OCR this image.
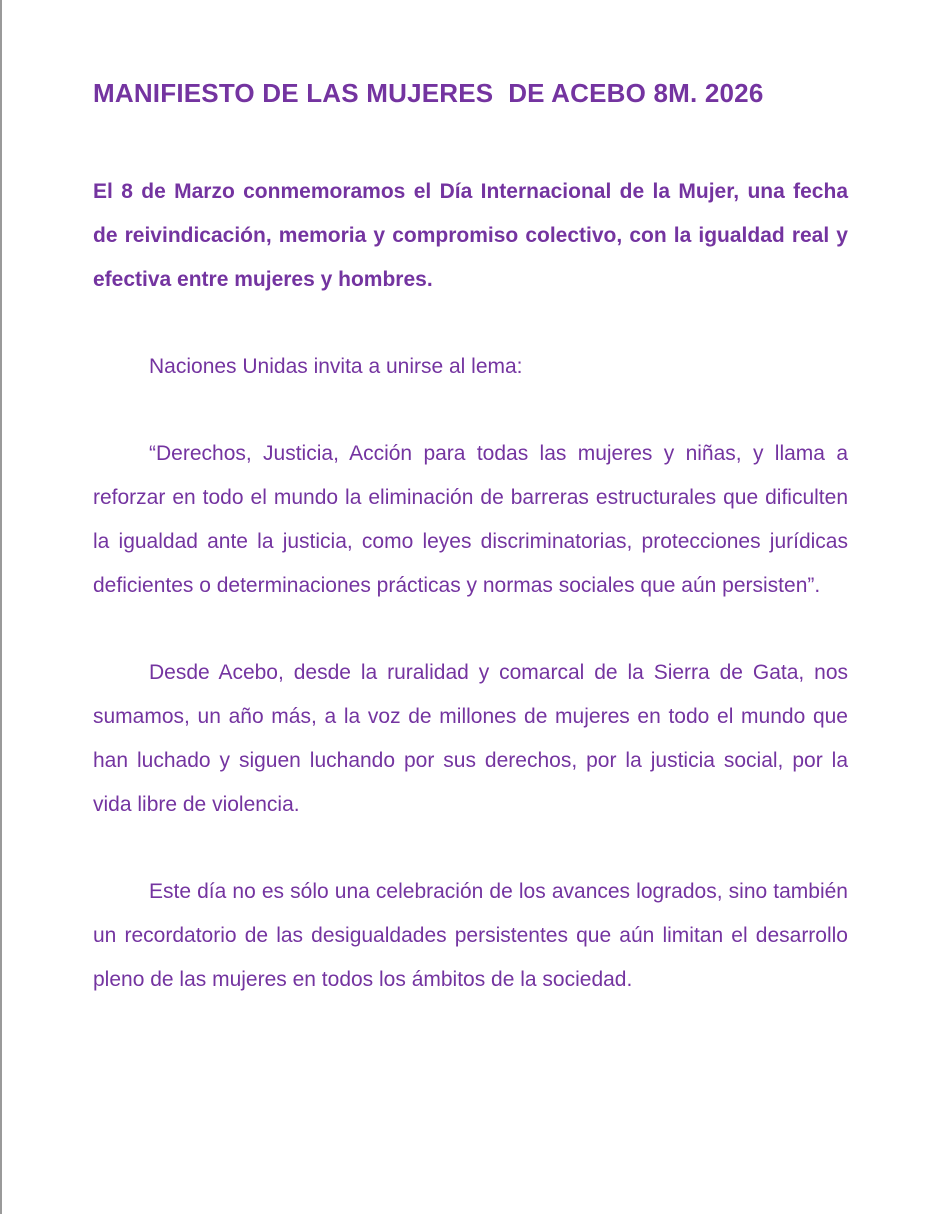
MANIFIESTO DE LAS MUJERES  DE ACEBO 8M. 2026

El 8 de Marzo conmemoramos el Día Internacional de la Mujer, una fecha de reivindicación, memoria y compromiso colectivo, con la igualdad real y efectiva entre mujeres y hombres.

Naciones Unidas invita a unirse al lema:

“Derechos, Justicia, Acción para todas las mujeres y niñas, y llama a reforzar en todo el mundo la eliminación de barreras estructurales que dificulten la igualdad ante la justicia, como leyes discriminatorias, protecciones jurídicas deficientes o determinaciones prácticas y normas sociales que aún persisten”.

Desde Acebo, desde la ruralidad y comarcal de la Sierra de Gata, nos sumamos, un año más, a la voz de millones de mujeres en todo el mundo que han luchado y siguen luchando por sus derechos, por la justicia social, por la vida libre de violencia.

Este día no es sólo una celebración de los avances logrados, sino también un recordatorio de las desigualdades persistentes que aún limitan el desarrollo pleno de las mujeres en todos los ámbitos de la sociedad.
